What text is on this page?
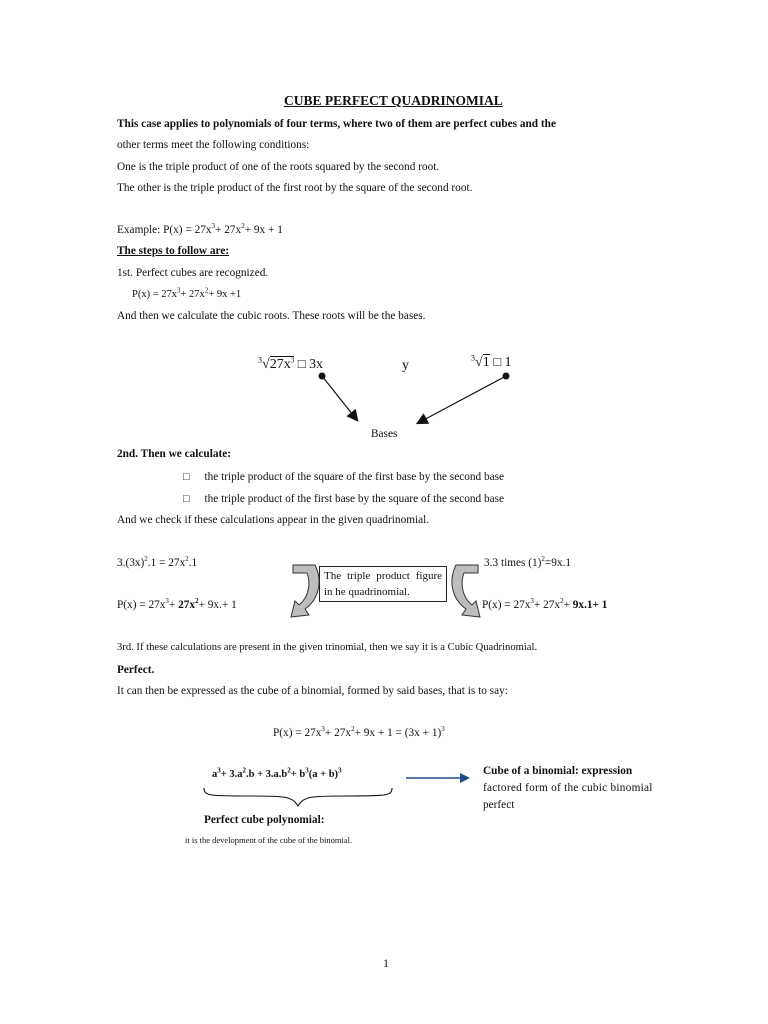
CUBE PERFECT QUADRINOMIAL
This case applies to polynomials of four terms, where two of them are perfect cubes and the
other terms meet the following conditions:
One is the triple product of one of the roots squared by the second root.
The other is the triple product of the first root by the square of the second root.
Example: $P(x) = 27x^3+ 27x^2+ 9x + 1$
The steps to follow are:
1st. Perfect cubes are recognized.
$P(x) = 27x^3+ 27x^2+ 9x +1$
And then we calculate the cubic roots. These roots will be the bases.
$^3√27x^3$ □ 3x	y
$^3$√1 □ 1
Bases
2nd. Then we calculate:
□ the triple product of the square of the first base by the second base
□ the triple product of the first base by the square of the second base
And we check if these calculations appear in the given quadrinomial.
$3.(3x)^2.1 = 27x^2.1$
$P(x) = 27x^3+ 27x^2+ 9x.+ 1$
The triple product figure in he quadrinomial.
3.3 times $(1)^2=9x.1$
$P(x) = 27x^3+ 27x^2+ 9x.1+ 1$
3rd. If these calculations are present in the given trinomial, then we say it is a Cubic Quadrinomial.
Perfect.
It can then be expressed as the cube of a binomial, formed by said bases, that is to say:
$P(x) = 27x^3+ 27x^2+ 9x + 1 = (3x + 1)^3$
$a^3+ 3.a^2.b + 3.a.b^2+ b^3(a + b)^3$
Perfect cube polynomial:
it is the development of the cube of the binomial.
Cube of a binomial: expression
factored form of the cubic binomial
perfect
1
